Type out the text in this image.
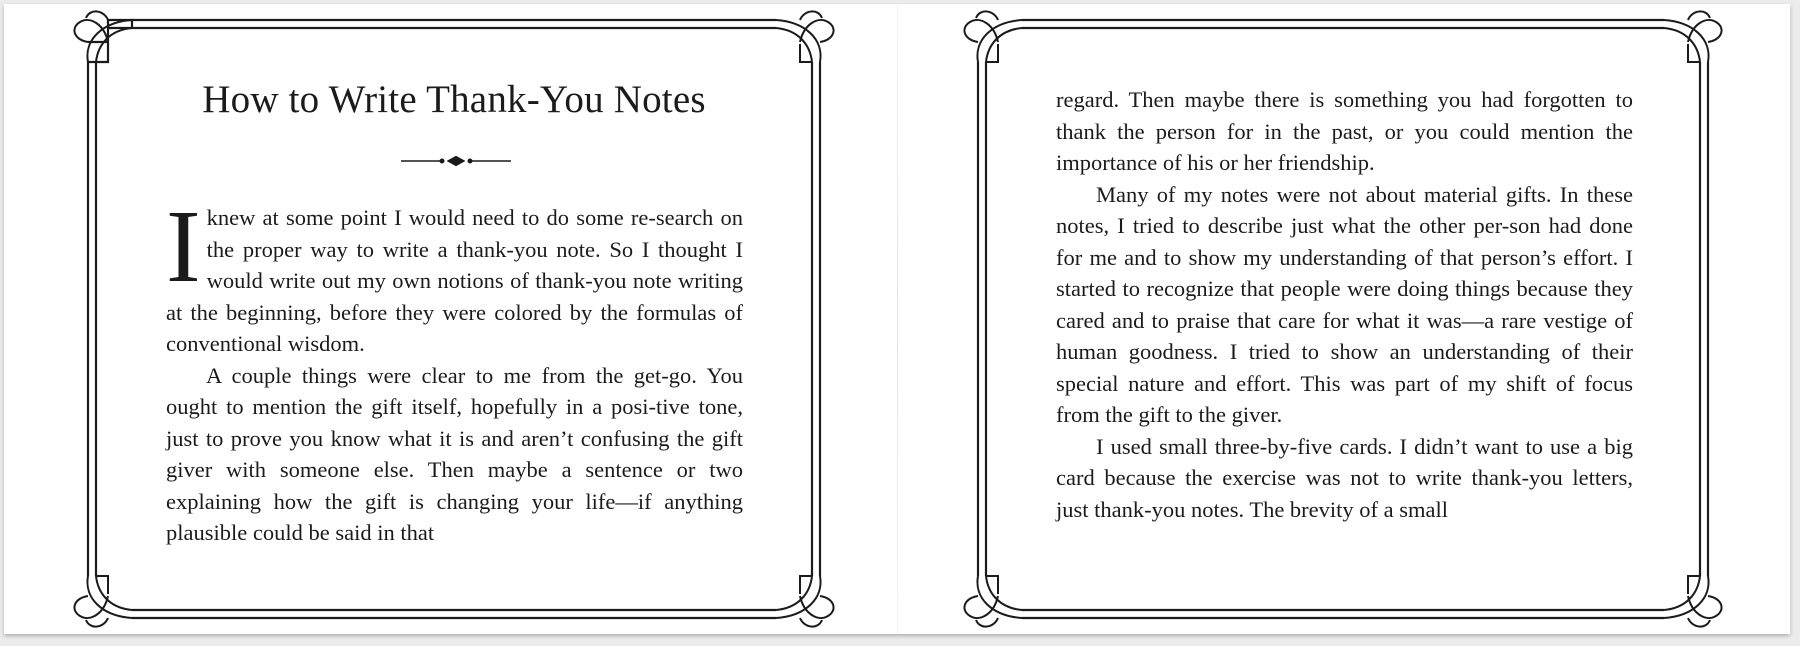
How to Write Thank-You Notes

Iknew at some point I would need to do some re-search on the proper way to write a thank-you note. So I thought I would write out my own notions of thank-you note writing at the beginning, before they were colored by the formulas of conventional wisdom.

A couple things were clear to me from the get-go. You ought to mention the gift itself, hopefully in a posi-tive tone, just to prove you know what it is and aren’t confusing the gift giver with someone else. Then maybe a sentence or two explaining how the gift is changing your life—if anything plausible could be said in that

regard. Then maybe there is something you had forgotten to thank the person for in the past, or you could mention the importance of his or her friendship.

Many of my notes were not about material gifts. In these notes, I tried to describe just what the other per-son had done for me and to show my understanding of that person’s effort. I started to recognize that people were doing things because they cared and to praise that care for what it was—a rare vestige of human goodness. I tried to show an understanding of their special nature and effort. This was part of my shift of focus from the gift to the giver.

I used small three-by-five cards. I didn’t want to use a big card because the exercise was not to write thank-you letters, just thank-you notes. The brevity of a small
